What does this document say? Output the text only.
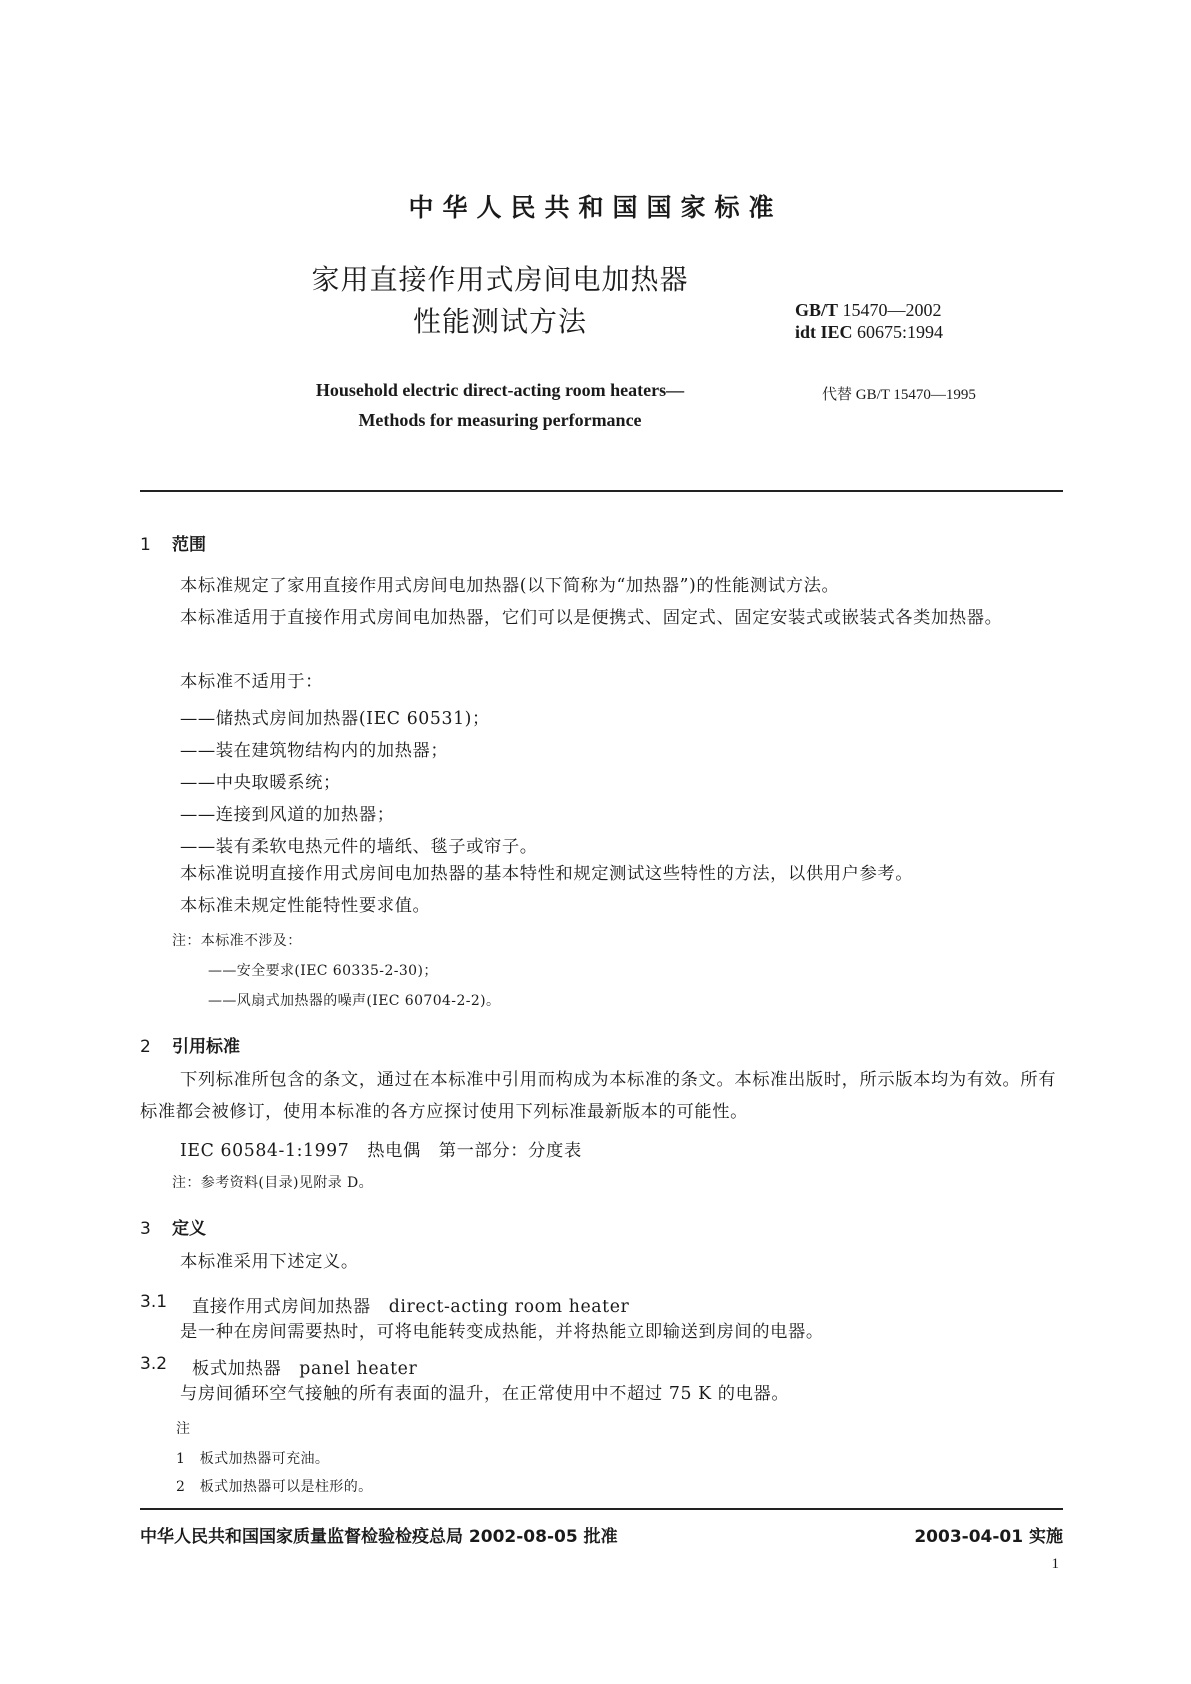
中华人民共和国国家标准
家用直接作用式房间电加热器
性能测试方法	GB/T 15470—2002
idt IEC 60675:1994
Household electric direct-acting room heaters—
Methods for measuring performance
代替 GB/T 15470—1995
1 范围
本标准规定了家用直接作用式房间电加热器(以下简称为“加热器”)的性能测试方法。
本标准适用于直接作用式房间电加热器，它们可以是便携式、固定式、固定安装式或嵌装式各类加热器。
本标准不适用于：
——储热式房间加热器(IEC 60531)；
——装在建筑物结构内的加热器；
——中央取暖系统；
——连接到风道的加热器；
——装有柔软电热元件的墙纸、毯子或帘子。
本标准说明直接作用式房间电加热器的基本特性和规定测试这些特性的方法，以供用户参考。
本标准未规定性能特性要求值。
注：本标准不涉及：
——安全要求(IEC 60335-2-30)；
——风扇式加热器的噪声(IEC 60704-2-2)。
2 引用标准
下列标准所包含的条文，通过在本标准中引用而构成为本标准的条文。本标准出版时，所示版本均为有效。所有标准都会被修订，使用本标准的各方应探讨使用下列标准最新版本的可能性。
IEC 60584-1:1997　热电偶　第一部分：分度表
注：参考资料(目录)见附录 D。
3 定义
本标准采用下述定义。
3.1 直接作用式房间加热器　direct-acting room heater
是一种在房间需要热时，可将电能转变成热能，并将热能立即输送到房间的电器。
3.2 板式加热器　panel heater
与房间循环空气接触的所有表面的温升，在正常使用中不超过 75 K 的电器。
注
1　板式加热器可充油。
2　板式加热器可以是柱形的。
中华人民共和国国家质量监督检验检疫总局 2002-08-05 批准	2003-04-01 实施
1
